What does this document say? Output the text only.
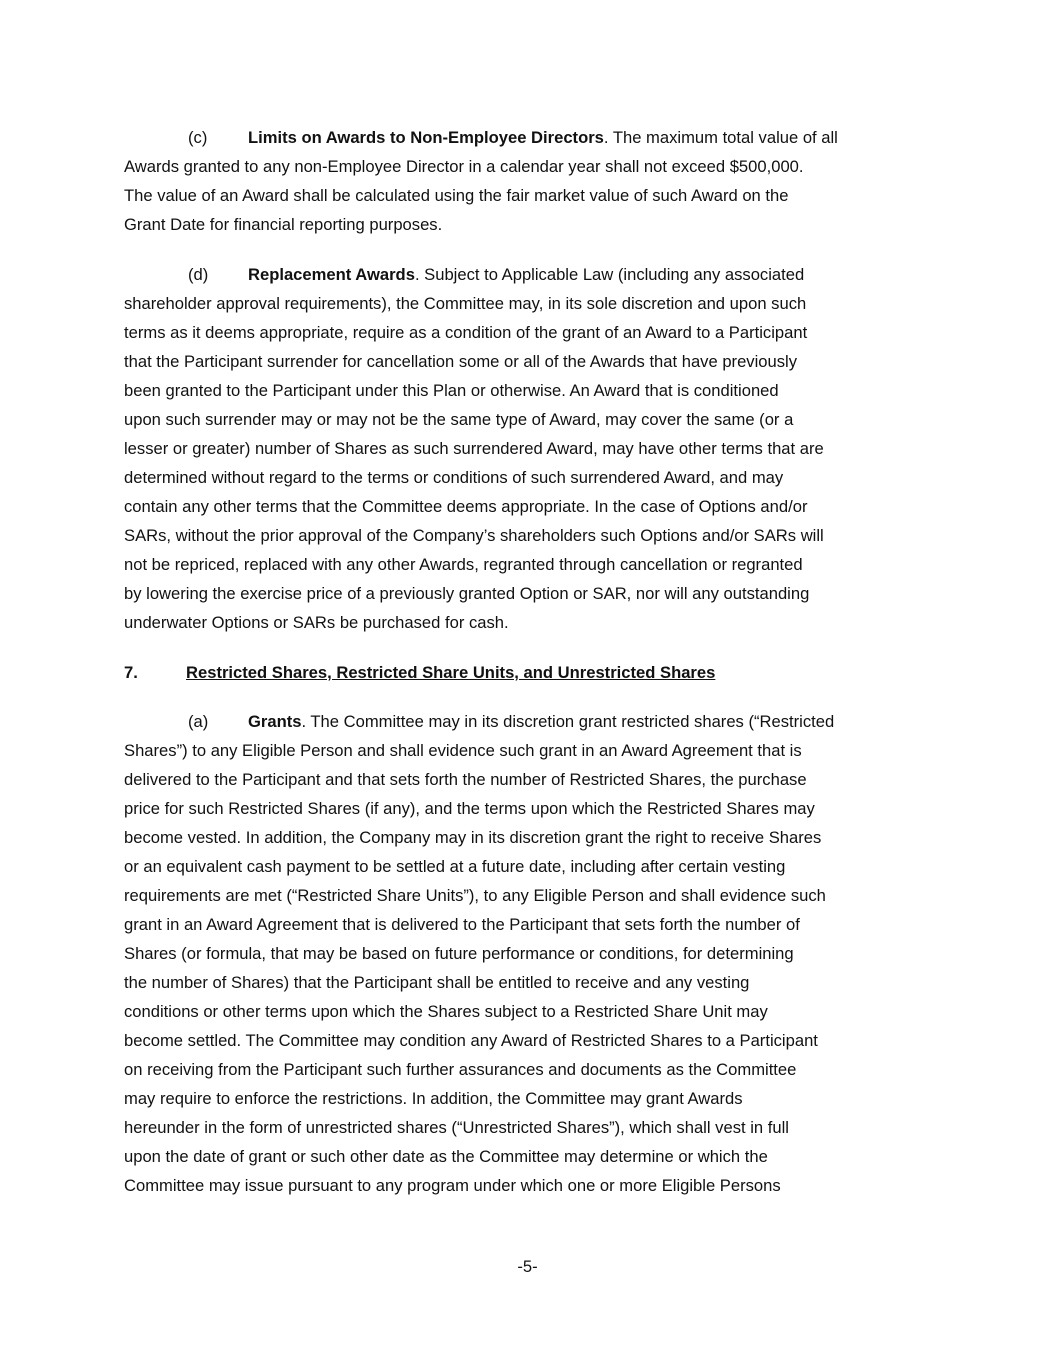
(c) Limits on Awards to Non-Employee Directors. The maximum total value of all
Awards granted to any non-Employee Director in a calendar year shall not exceed $500,000.
The value of an Award shall be calculated using the fair market value of such Award on the
Grant Date for financial reporting purposes.
(d) Replacement Awards. Subject to Applicable Law (including any associated
shareholder approval requirements), the Committee may, in its sole discretion and upon such
terms as it deems appropriate, require as a condition of the grant of an Award to a Participant
that the Participant surrender for cancellation some or all of the Awards that have previously
been granted to the Participant under this Plan or otherwise. An Award that is conditioned
upon such surrender may or may not be the same type of Award, may cover the same (or a
lesser or greater) number of Shares as such surrendered Award, may have other terms that are
determined without regard to the terms or conditions of such surrendered Award, and may
contain any other terms that the Committee deems appropriate. In the case of Options and/or
SARs, without the prior approval of the Company’s shareholders such Options and/or SARs will
not be repriced, replaced with any other Awards, regranted through cancellation or regranted
by lowering the exercise price of a previously granted Option or SAR, nor will any outstanding
underwater Options or SARs be purchased for cash.
7.	Restricted Shares, Restricted Share Units, and Unrestricted Shares
(a) Grants. The Committee may in its discretion grant restricted shares (“Restricted
Shares”) to any Eligible Person and shall evidence such grant in an Award Agreement that is
delivered to the Participant and that sets forth the number of Restricted Shares, the purchase
price for such Restricted Shares (if any), and the terms upon which the Restricted Shares may
become vested. In addition, the Company may in its discretion grant the right to receive Shares
or an equivalent cash payment to be settled at a future date, including after certain vesting
requirements are met (“Restricted Share Units”), to any Eligible Person and shall evidence such
grant in an Award Agreement that is delivered to the Participant that sets forth the number of
Shares (or formula, that may be based on future performance or conditions, for determining
the number of Shares) that the Participant shall be entitled to receive and any vesting
conditions or other terms upon which the Shares subject to a Restricted Share Unit may
become settled. The Committee may condition any Award of Restricted Shares to a Participant
on receiving from the Participant such further assurances and documents as the Committee
may require to enforce the restrictions. In addition, the Committee may grant Awards
hereunder in the form of unrestricted shares (“Unrestricted Shares”), which shall vest in full
upon the date of grant or such other date as the Committee may determine or which the
Committee may issue pursuant to any program under which one or more Eligible Persons
-5-
